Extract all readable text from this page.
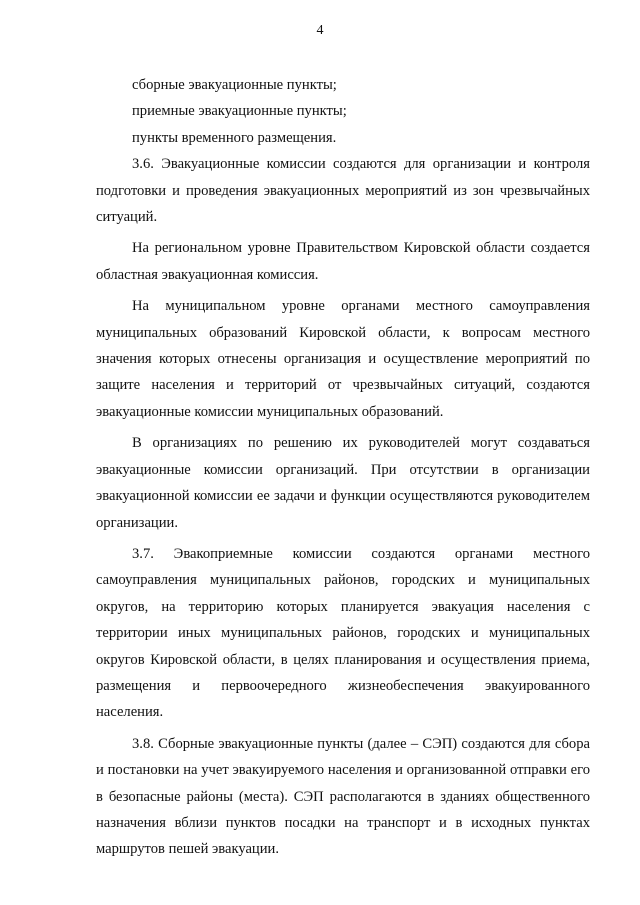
4

сборные эвакуационные пункты;

приемные эвакуационные пункты;

пункты временного размещения.

3.6. Эвакуационные комиссии создаются для организации и контроля подготовки и проведения эвакуационных мероприятий из зон чрезвычайных ситуаций.

На региональном уровне Правительством Кировской области создается областная эвакуационная комиссия.

На муниципальном уровне органами местного самоуправления муниципальных образований Кировской области, к вопросам местного значения которых отнесены организация и осуществление мероприятий по защите населения и территорий от чрезвычайных ситуаций, создаются эвакуационные комиссии муниципальных образований.

В организациях по решению их руководителей могут создаваться эвакуационные комиссии организаций. При отсутствии в организации эвакуационной комиссии ее задачи и функции осуществляются руководителем организации.

3.7. Эвакоприемные комиссии создаются органами местного самоуправления муниципальных районов, городских и муниципальных округов, на территорию которых планируется эвакуация населения с территории иных муниципальных районов, городских и муниципальных округов Кировской области, в целях планирования и осуществления приема, размещения и первоочередного жизнеобеспечения эвакуированного населения.

3.8. Сборные эвакуационные пункты (далее – СЭП) создаются для сбора и постановки на учет эвакуируемого населения и организованной отправки его в безопасные районы (места). СЭП располагаются в зданиях общественного назначения вблизи пунктов посадки на транспорт и в исходных пунктах маршрутов пешей эвакуации.
